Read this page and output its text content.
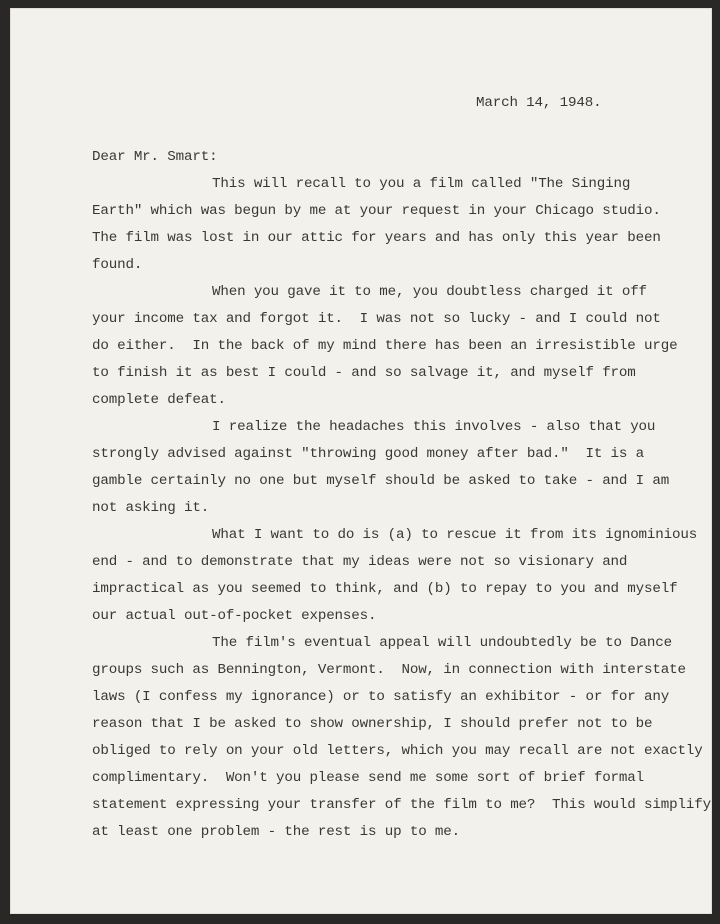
March 14, 1948.
Dear Mr. Smart:
This will recall to you a film called "The Singing
Earth" which was begun by me at your request in your Chicago studio.
The film was lost in our attic for years and has only this year been
found.
When you gave it to me, you doubtless charged it off
your income tax and forgot it.  I was not so lucky - and I could not
do either.  In the back of my mind there has been an irresistible urge
to finish it as best I could - and so salvage it, and myself from
complete defeat.
I realize the headaches this involves - also that you
strongly advised against "throwing good money after bad."  It is a
gamble certainly no one but myself should be asked to take - and I am
not asking it.
What I want to do is (a) to rescue it from its ignominious
end - and to demonstrate that my ideas were not so visionary and
impractical as you seemed to think, and (b) to repay to you and myself
our actual out-of-pocket expenses.
The film's eventual appeal will undoubtedly be to Dance
groups such as Bennington, Vermont.  Now, in connection with interstate
laws (I confess my ignorance) or to satisfy an exhibitor - or for any
reason that I be asked to show ownership, I should prefer not to be
obliged to rely on your old letters, which you may recall are not exactly
complimentary.  Won't you please send me some sort of brief formal
statement expressing your transfer of the film to me?  This would simplify
at least one problem - the rest is up to me.
